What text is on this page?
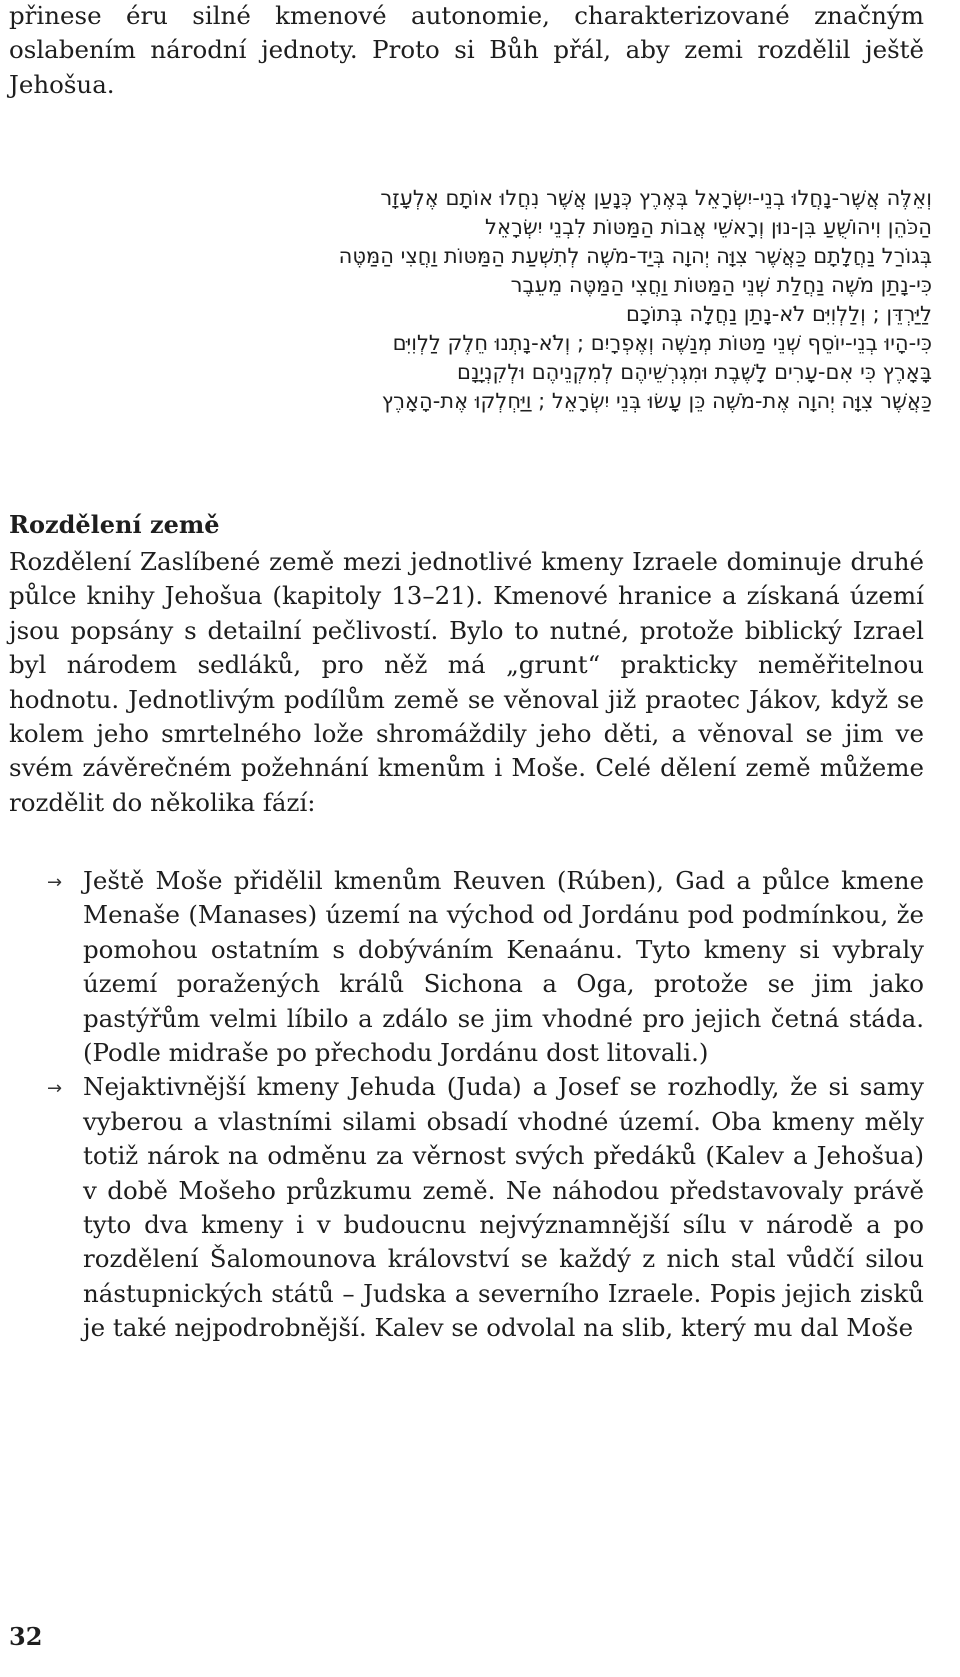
přinese éru silné kmenové autonomie, charakterizované značným oslabením národní jednoty. Proto si Bůh přál, aby zemi rozdělil ještě Jehošua.

וְאֵלֶּה אֲשֶׁר-נָחֲלוּ בְנֵי-יִשְׂרָאֵל בְּאֶרֶץ כְּנָעַן אֲשֶׁר נִחֲלוּ אוֹתָם אֶלְעָזָר
הַכֹּהֵן וִיהוֹשֻׁעַ בִּן-נוּן וְרָאשֵׁי אֲבוֹת הַמַּטּוֹת לִבְנֵי יִשְׂרָאֵל
בְּגוֹרַל נַחֲלָתָם כַּאֲשֶׁר צִוָּה יְהוָה בְּיַד-מֹשֶׁה לְתִשְׁעַת הַמַּטּוֹת וַחֲצִי הַמַּטֶּה
כִּי-נָתַן מֹשֶׁה נַחֲלַת שְׁנֵי הַמַּטּוֹת וַחֲצִי הַמַּטֶּה מֵעֵבֶר
לַיַּרְדֵּן ; וְלַלְוִיִּם לֹא-נָתַן נַחֲלָה בְּתוֹכָם
כִּי-הָיוּ בְנֵי-יוֹסֵף שְׁנֵי מַטּוֹת מְנַשֶּׁה וְאֶפְרָיִם ; וְלֹא-נָתְנוּ חֵלֶק לַלְוִיִּם
בָּאָרֶץ כִּי אִם-עָרִים לָשֶׁבֶת וּמִגְרְשֵׁיהֶם לְמִקְנֵיהֶם וּלְקִנְיָנָם
כַּאֲשֶׁר צִוָּה יְהוָה אֶת-מֹשֶׁה כֵּן עָשׂוּ בְּנֵי יִשְׂרָאֵל ; וַיַּחְלְקוּ אֶת-הָאָרֶץ
Rozdělení země

Rozdělení Zaslíbené země mezi jednotlivé kmeny Izraele dominuje druhé půlce knihy Jehošua (kapitoly 13–21). Kmenové hranice a získaná území jsou popsány s detailní pečlivostí. Bylo to nutné, protože biblický Izrael byl národem sedláků, pro něž má „grunt“ prakticky neměřitelnou hodnotu. Jednotlivým podílům země se věnoval již praotec Jákov, když se kolem jeho smrtelného lože shromáždily jeho děti, a věnoval se jim ve svém závěrečném požehnání kmenům i Moše. Celé dělení země můžeme rozdělit do několika fází:

→ Ještě Moše přidělil kmenům Reuven (Rúben), Gad a půlce kmene Menaše (Manases) území na východ od Jordánu pod podmínkou, že pomohou ostatním s dobýváním Kenaánu. Tyto kmeny si vybraly území poražených králů Sichona a Oga, protože se jim jako pastýřům velmi líbilo a zdálo se jim vhodné pro jejich četná stáda. (Podle midraše po přechodu Jordánu dost litovali.)
→ Nejaktivnější kmeny Jehuda (Juda) a Josef se rozhodly, že si samy vyberou a vlastními silami obsadí vhodné území. Oba kmeny měly totiž nárok na odměnu za věrnost svých předáků (Kalev a Jehošua) v době Mošeho průzkumu země. Ne náhodou představovaly právě tyto dva kmeny i v budoucnu nejvýznamnější sílu v národě a po rozdělení Šalomounova království se každý z nich stal vůdčí silou nástupnických států – Judska a severního Izraele. Popis jejich zisků je také nejpodrobnější. Kalev se odvolal na slib, který mu dal Moše
32
